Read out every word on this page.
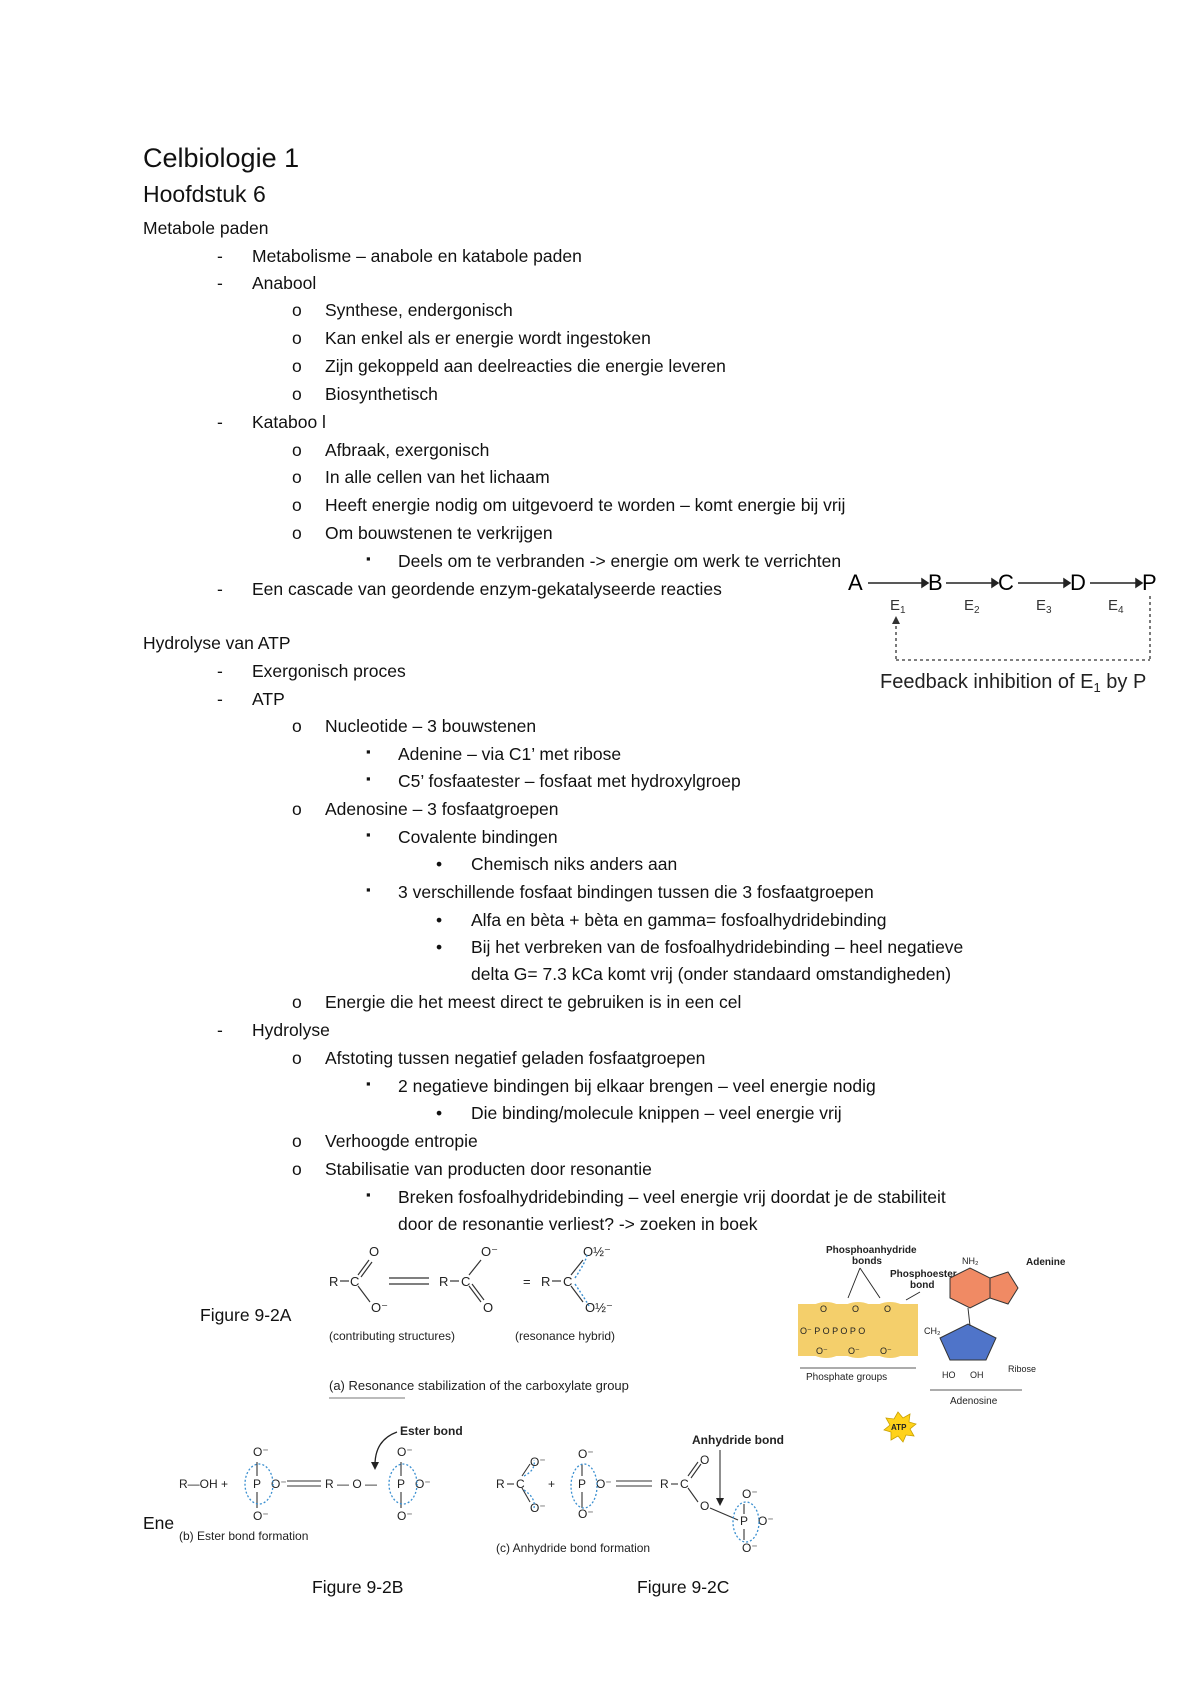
Celbiologie 1
Hoofdstuk 6
Metabole paden
- Metabolisme – anabole en katabole paden
- Anabool
o Synthese, endergonisch
o Kan enkel als er energie wordt ingestoken
o Zijn gekoppeld aan deelreacties die energie leveren
o Biosynthetisch
- Kataboo l
o Afbraak, exergonisch
o In alle cellen van het lichaam
o Heeft energie nodig om uitgevoerd te worden – komt energie bij vrij
o Om bouwstenen te verkrijgen
▪ Deels om te verbranden -> energie om werk te verrichten
- Een cascade van geordende enzym-gekatalyseerde reacties	A	B	C	D	P
$E_1$	$E_2$	$E_3$	$E_4$
Feedback inhibition of $E_1$ by P
Hydrolyse van ATP
- Exergonisch proces
- ATP
o Nucleotide – 3 bouwstenen
▪ Adenine – via C1’ met ribose
▪ C5’ fosfaatester – fosfaat met hydroxylgroep
o Adenosine – 3 fosfaatgroepen
▪ Covalente bindingen
• Chemisch niks anders aan
▪ 3 verschillende fosfaat bindingen tussen die 3 fosfaatgroepen
• Alfa en bèta + bèta en gamma= fosfoalhydridebinding
• Bij het verbreken van de fosfoalhydridebinding – heel negatieve
delta G= 7.3 kCa komt vrij (onder standaard omstandigheden)
o Energie die het meest direct te gebruiken is in een cel
- Hydrolyse
o Afstoting tussen negatief geladen fosfaatgroepen
▪ 2 negatieve bindingen bij elkaar brengen – veel energie nodig
• Die binding/molecule knippen – veel energie vrij
o Verhoogde entropie
o Stabilisatie van producten door resonantie
▪ Breken fosfoalhydridebinding – veel energie vrij doordat je de stabiliteit
door de resonantie verliest? -> zoeken in boek
Figure 9-2A
Ene
Figure 9-2B	Figure 9-2C
R C
O
O⁻
R C
O⁻
O
= R C
O½⁻
O½⁻
(contributing structures)	(resonance hybrid)
(a) Resonance stabilization of the carboxylate group
Ester bond
R—OH + P
O⁻
O⁻
O⁻	R — O — P
O⁻
O⁻
O⁻
(b) Ester bond formation
Anhydride bond
R C
O⁻
O⁻
+ P
O⁻
O⁻
O⁻	R C
O
O
P
O⁻
O⁻
O⁻
(c) Anhydride bond formation
Phosphoanhydride
bonds
Phosphoester
bond
Adenine
O⁻ P O P O P O
O	O	O
O⁻ O⁻ O⁻
Phosphate groups
CH₂
NH₂
Ribose
HO OH
Adenosine
ATP
